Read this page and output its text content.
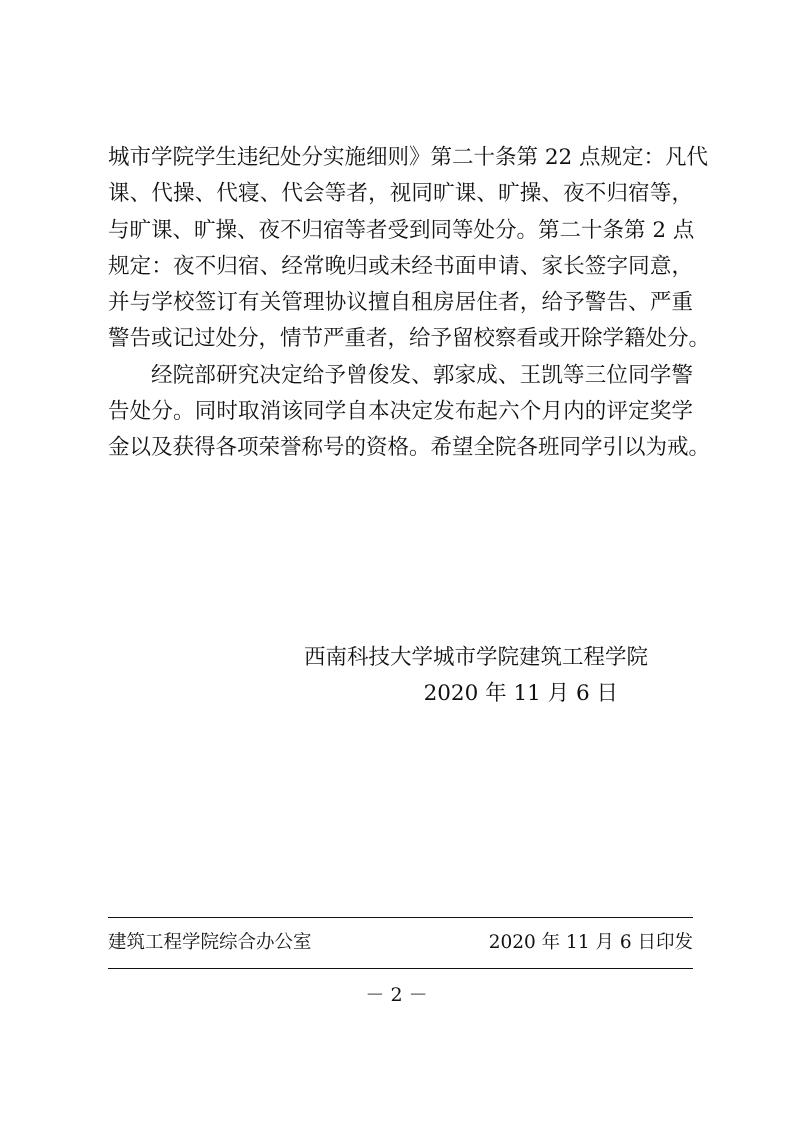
城市学院学生违纪处分实施细则》第二十条第 22 点规定：凡代
课、代操、代寝、代会等者，视同旷课、旷操、夜不归宿等，
与旷课、旷操、夜不归宿等者受到同等处分。第二十条第 2 点
规定：夜不归宿、经常晚归或未经书面申请、家长签字同意，
并与学校签订有关管理协议擅自租房居住者，给予警告、严重
警告或记过处分，情节严重者，给予留校察看或开除学籍处分。
经院部研究决定给予曾俊发、郭家成、王凯等三位同学警
告处分。同时取消该同学自本决定发布起六个月内的评定奖学
金以及获得各项荣誉称号的资格。希望全院各班同学引以为戒。
西南科技大学城市学院建筑工程学院
2020 年 11 月 6 日
建筑工程学院综合办公室	2020 年 11 月 6 日印发
－ 2 －
